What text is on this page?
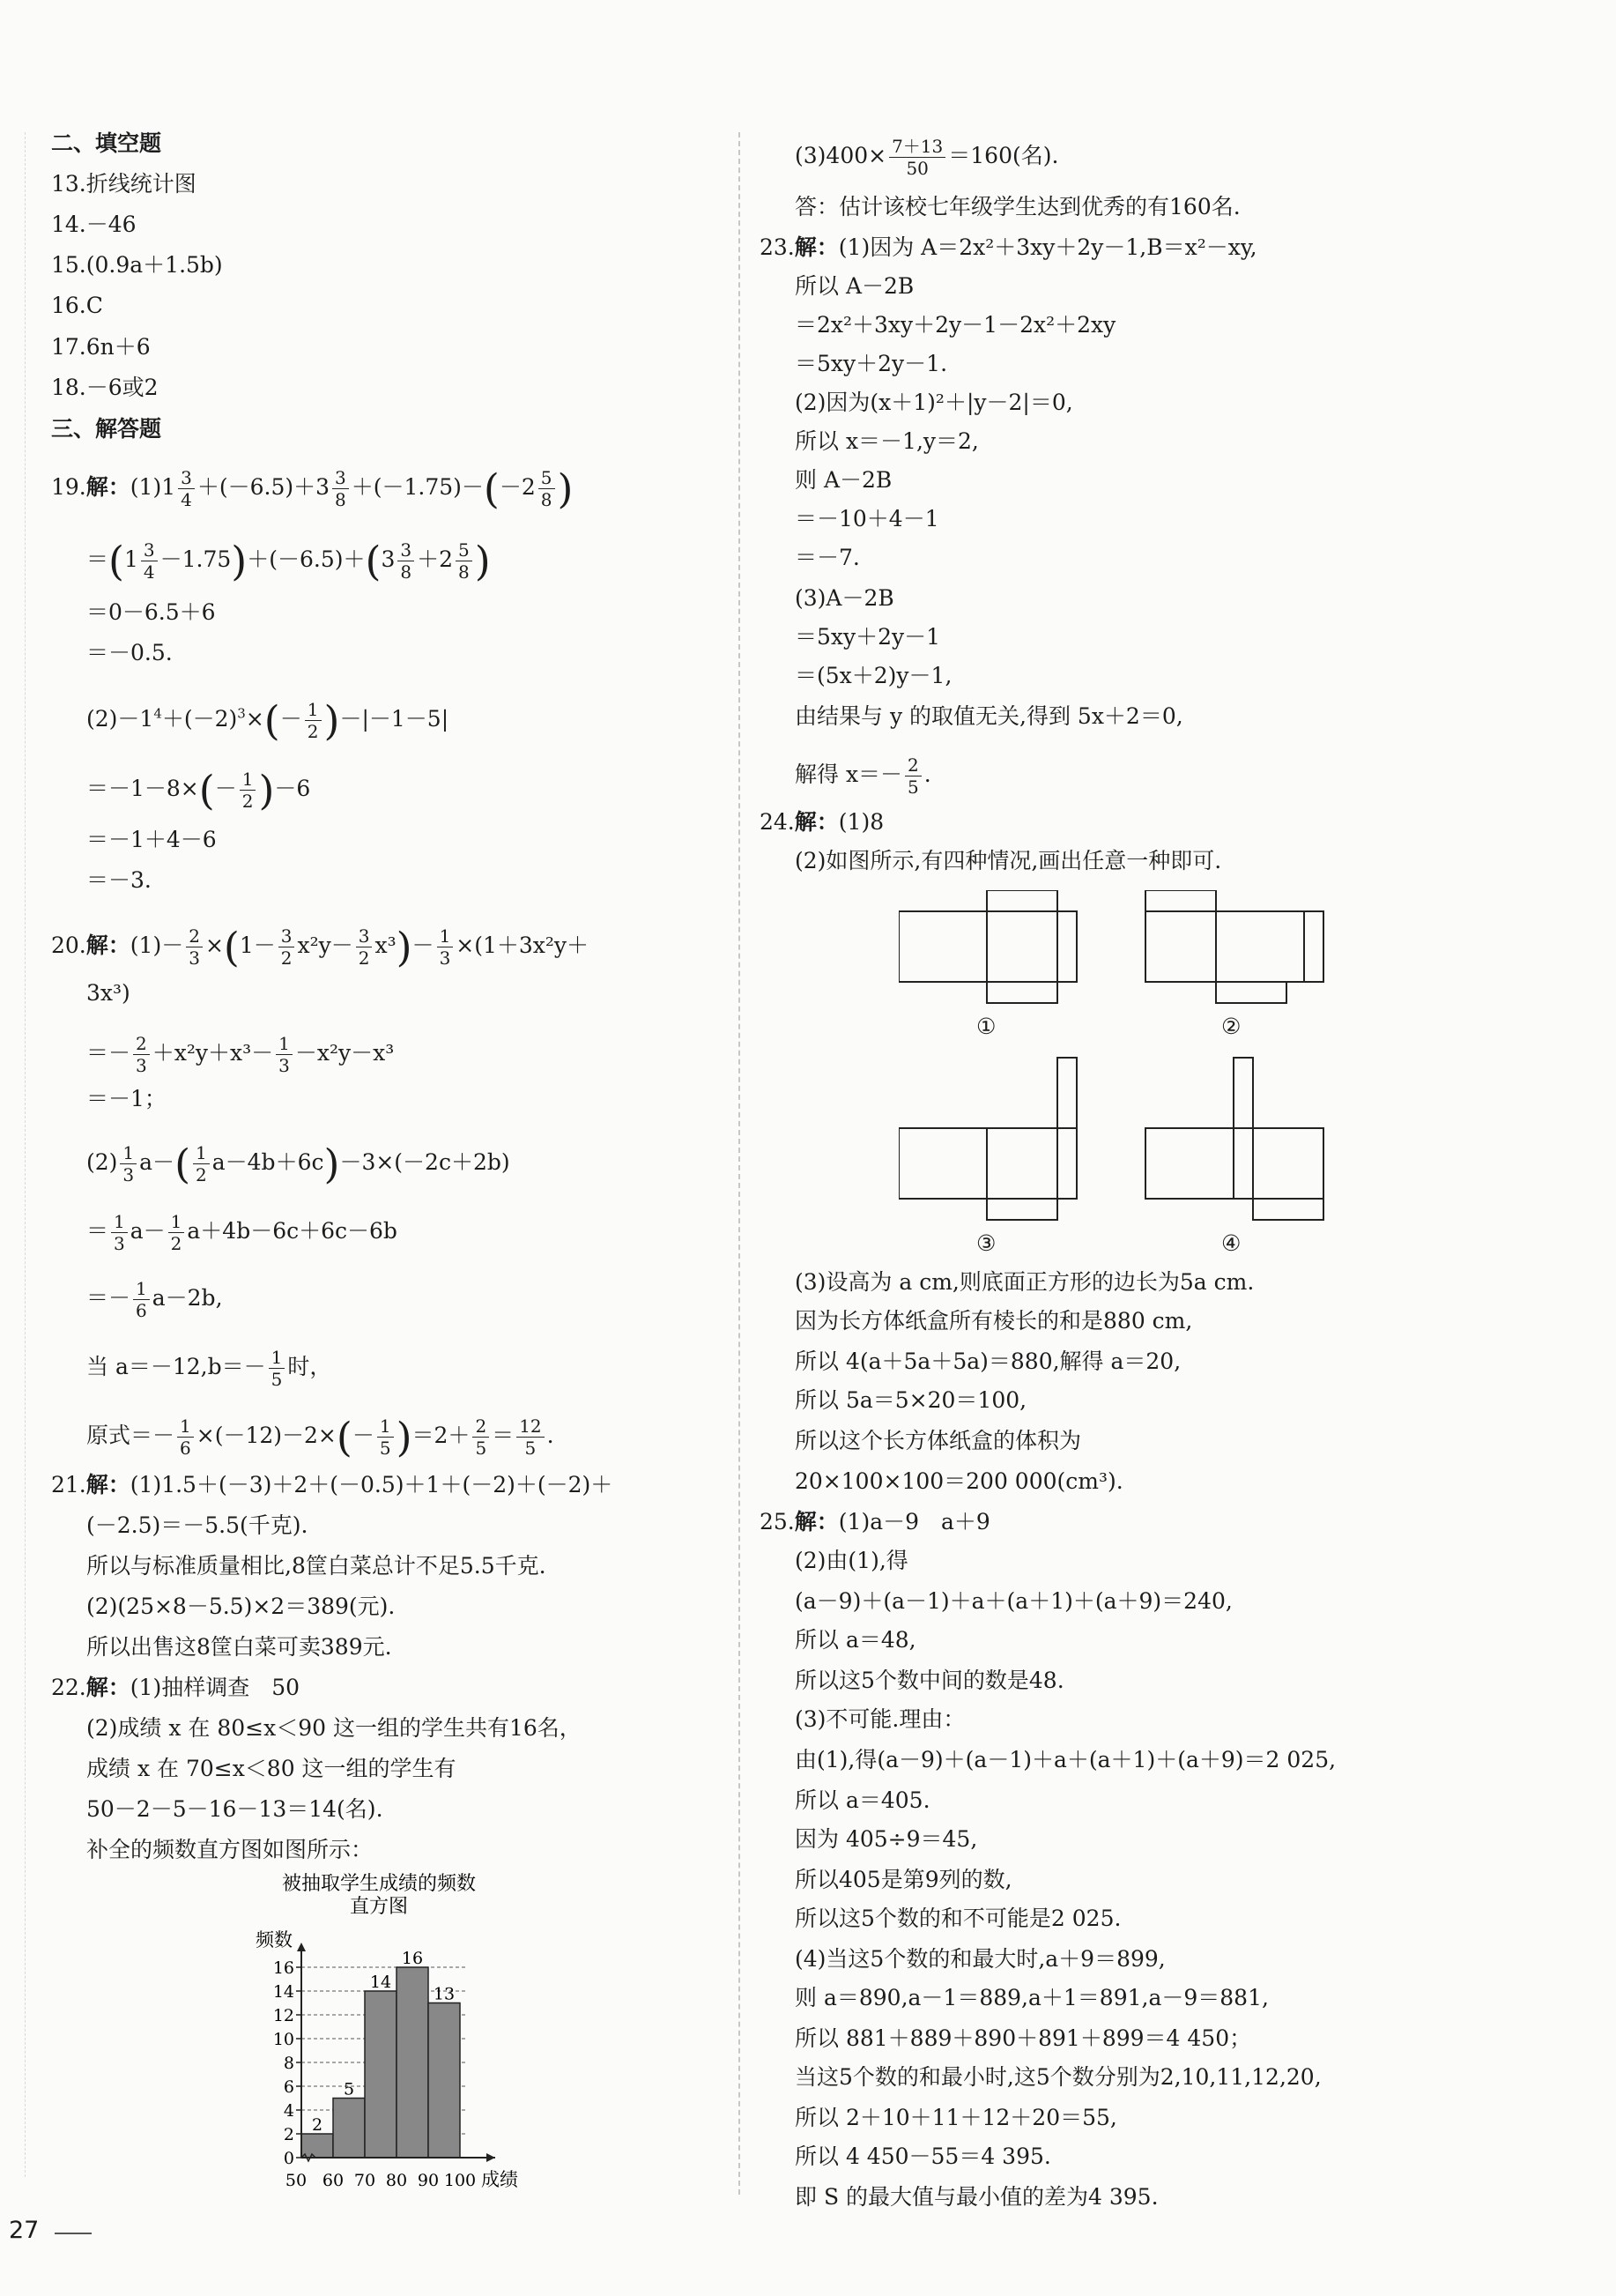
二、填空题
13.折线统计图
14.－46
15.(0.9a＋1.5b)
16.C
17.6n＋6
18.－6或2
三、解答题
19.解：$(1)1 \frac{3}{4} +(-6.5)+3 \frac{3}{8} +(-1.75)-(-2 \frac{5}{8}$ )
$=(1 \frac{3}{4} -1.75)+(-6.5)+(3 \frac{3}{8} +2 \frac{5}{8}$ )
＝0－6.5＋6
＝－0.5.
$(2)-1^4+(-2)^3\times(- \frac{1}{2} )-|-1-5|$
$=-1-8\times(- \frac{1}{2} )-6$
＝－1＋4－6
＝－3.
20.解：$(1)- \frac{2}{3} \times(1- \frac{3}{2} x^2y- \frac{3}{2} x^3)- \frac{1}{3} \times(1+3x^2y+$
3x³)
＝－ $\frac{2}{3} +x^2y+x^3- \frac{1}{3} -x^2y-x^3$
＝－1；
$(2) \frac{1}{3} a-( \frac{1}{2} a-4b+6c)-3\times(-2c+2b)$
＝ $\frac{1}{3} a- \frac{1}{2} a+4b-6c+6c-6b$
＝－ $\frac{1}{6} a-2b$,
当 $a=-12,b=- \frac{1}{5}$ 时，
原式＝－ $\frac{1}{6} \times(-12)-2\times(- \frac{1}{5} )=2+ \frac{2}{5} = \frac{12}{5}$ .
21.解：(1)1.5＋(－3)＋2＋(－0.5)＋1＋(－2)＋(－2)＋
(－2.5)＝－5.5(千克).
所以与标准质量相比,8筐白菜总计不足5.5千克.
(2)(25×8－5.5)×2＝389(元).
所以出售这8筐白菜可卖389元.
22.解：(1)抽样调查　50
(2)成绩 x 在 80≤x＜90 这一组的学生共有16名，
成绩 x 在 70≤x＜80 这一组的学生有
50－2－5－16－13＝14(名).
补全的频数直方图如图所示：
被抽取学生成绩的频数
直方图
0
2
4
6
8
10
12
14
16
2
5
14
16
13
频数
50 60 70 80 90 100 成绩
$(3)400\times \frac{7+13}{50} =160$(名).
答：估计该校七年级学生达到优秀的有160名.
23.解：(1)因为 A＝2x²＋3xy＋2y－1,B＝x²－xy,
所以 A－2B
＝2x²＋3xy＋2y－1－2x²＋2xy
＝5xy＋2y－1.
(2)因为(x＋1)²＋|y－2|＝0,
所以 x＝－1,y＝2,
则 A－2B
＝－10＋4－1
＝－7.
(3)A－2B
＝5xy＋2y－1
＝(5x＋2)y－1,
由结果与 y 的取值无关,得到 5x＋2＝0,
解得 $x=- \frac{2}{5}$ .
24.解：(1)8
(2)如图所示,有四种情况,画出任意一种即可.
(3)设高为 a cm,则底面正方形的边长为5a cm.
因为长方体纸盒所有棱长的和是880 cm,
所以 4(a＋5a＋5a)＝880,解得 a＝20,
所以 5a＝5×20＝100,
所以这个长方体纸盒的体积为
20×100×100＝200 000(cm³).
25.解：(1)a－9　a＋9
(2)由(1),得
(a－9)＋(a－1)＋a＋(a＋1)＋(a＋9)＝240,
所以 a＝48,
所以这5个数中间的数是48.
(3)不可能.理由：
由(1),得(a－9)＋(a－1)＋a＋(a＋1)＋(a＋9)＝2 025,
所以 a＝405.
因为 405÷9＝45,
所以405是第9列的数,
所以这5个数的和不可能是2 025.
(4)当这5个数的和最大时,a＋9＝899,
则 a＝890,a－1＝889,a＋1＝891,a－9＝881,
所以 881＋889＋890＋891＋899＝4 450；
当这5个数的和最小时,这5个数分别为2,10,11,12,20,
所以 2＋10＋11＋12＋20＝55,
所以 4 450－55＝4 395.
即 S 的最大值与最小值的差为4 395.
①	②
③	④
27
